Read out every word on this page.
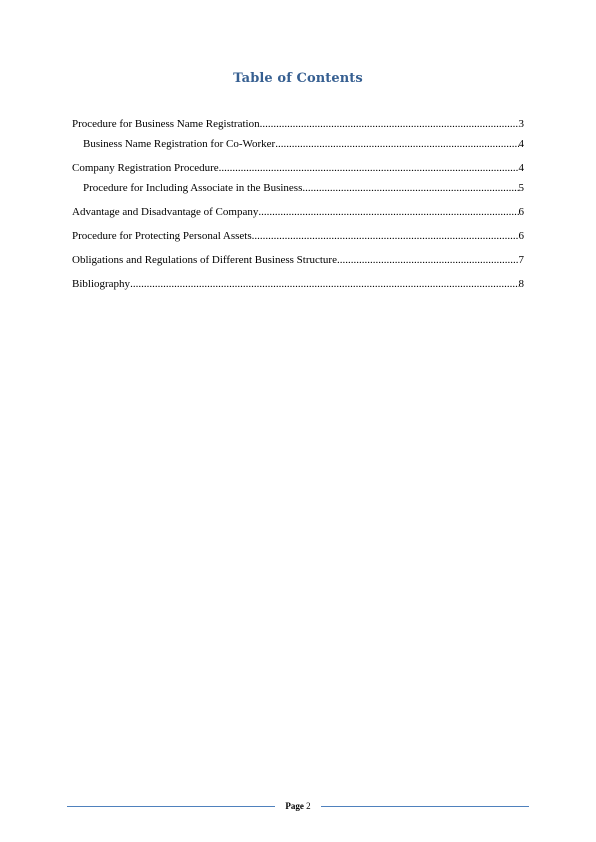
Table of Contents
Procedure for Business Name Registration .....	3
Business Name Registration for Co-Worker .....	4
Company Registration Procedure .....	4
Procedure for Including Associate in the Business .....	5
Advantage and Disadvantage of Company .....	6
Procedure for Protecting Personal Assets .....	6
Obligations and Regulations of Different Business Structure .....	7
Bibliography .....	8
Page 2
